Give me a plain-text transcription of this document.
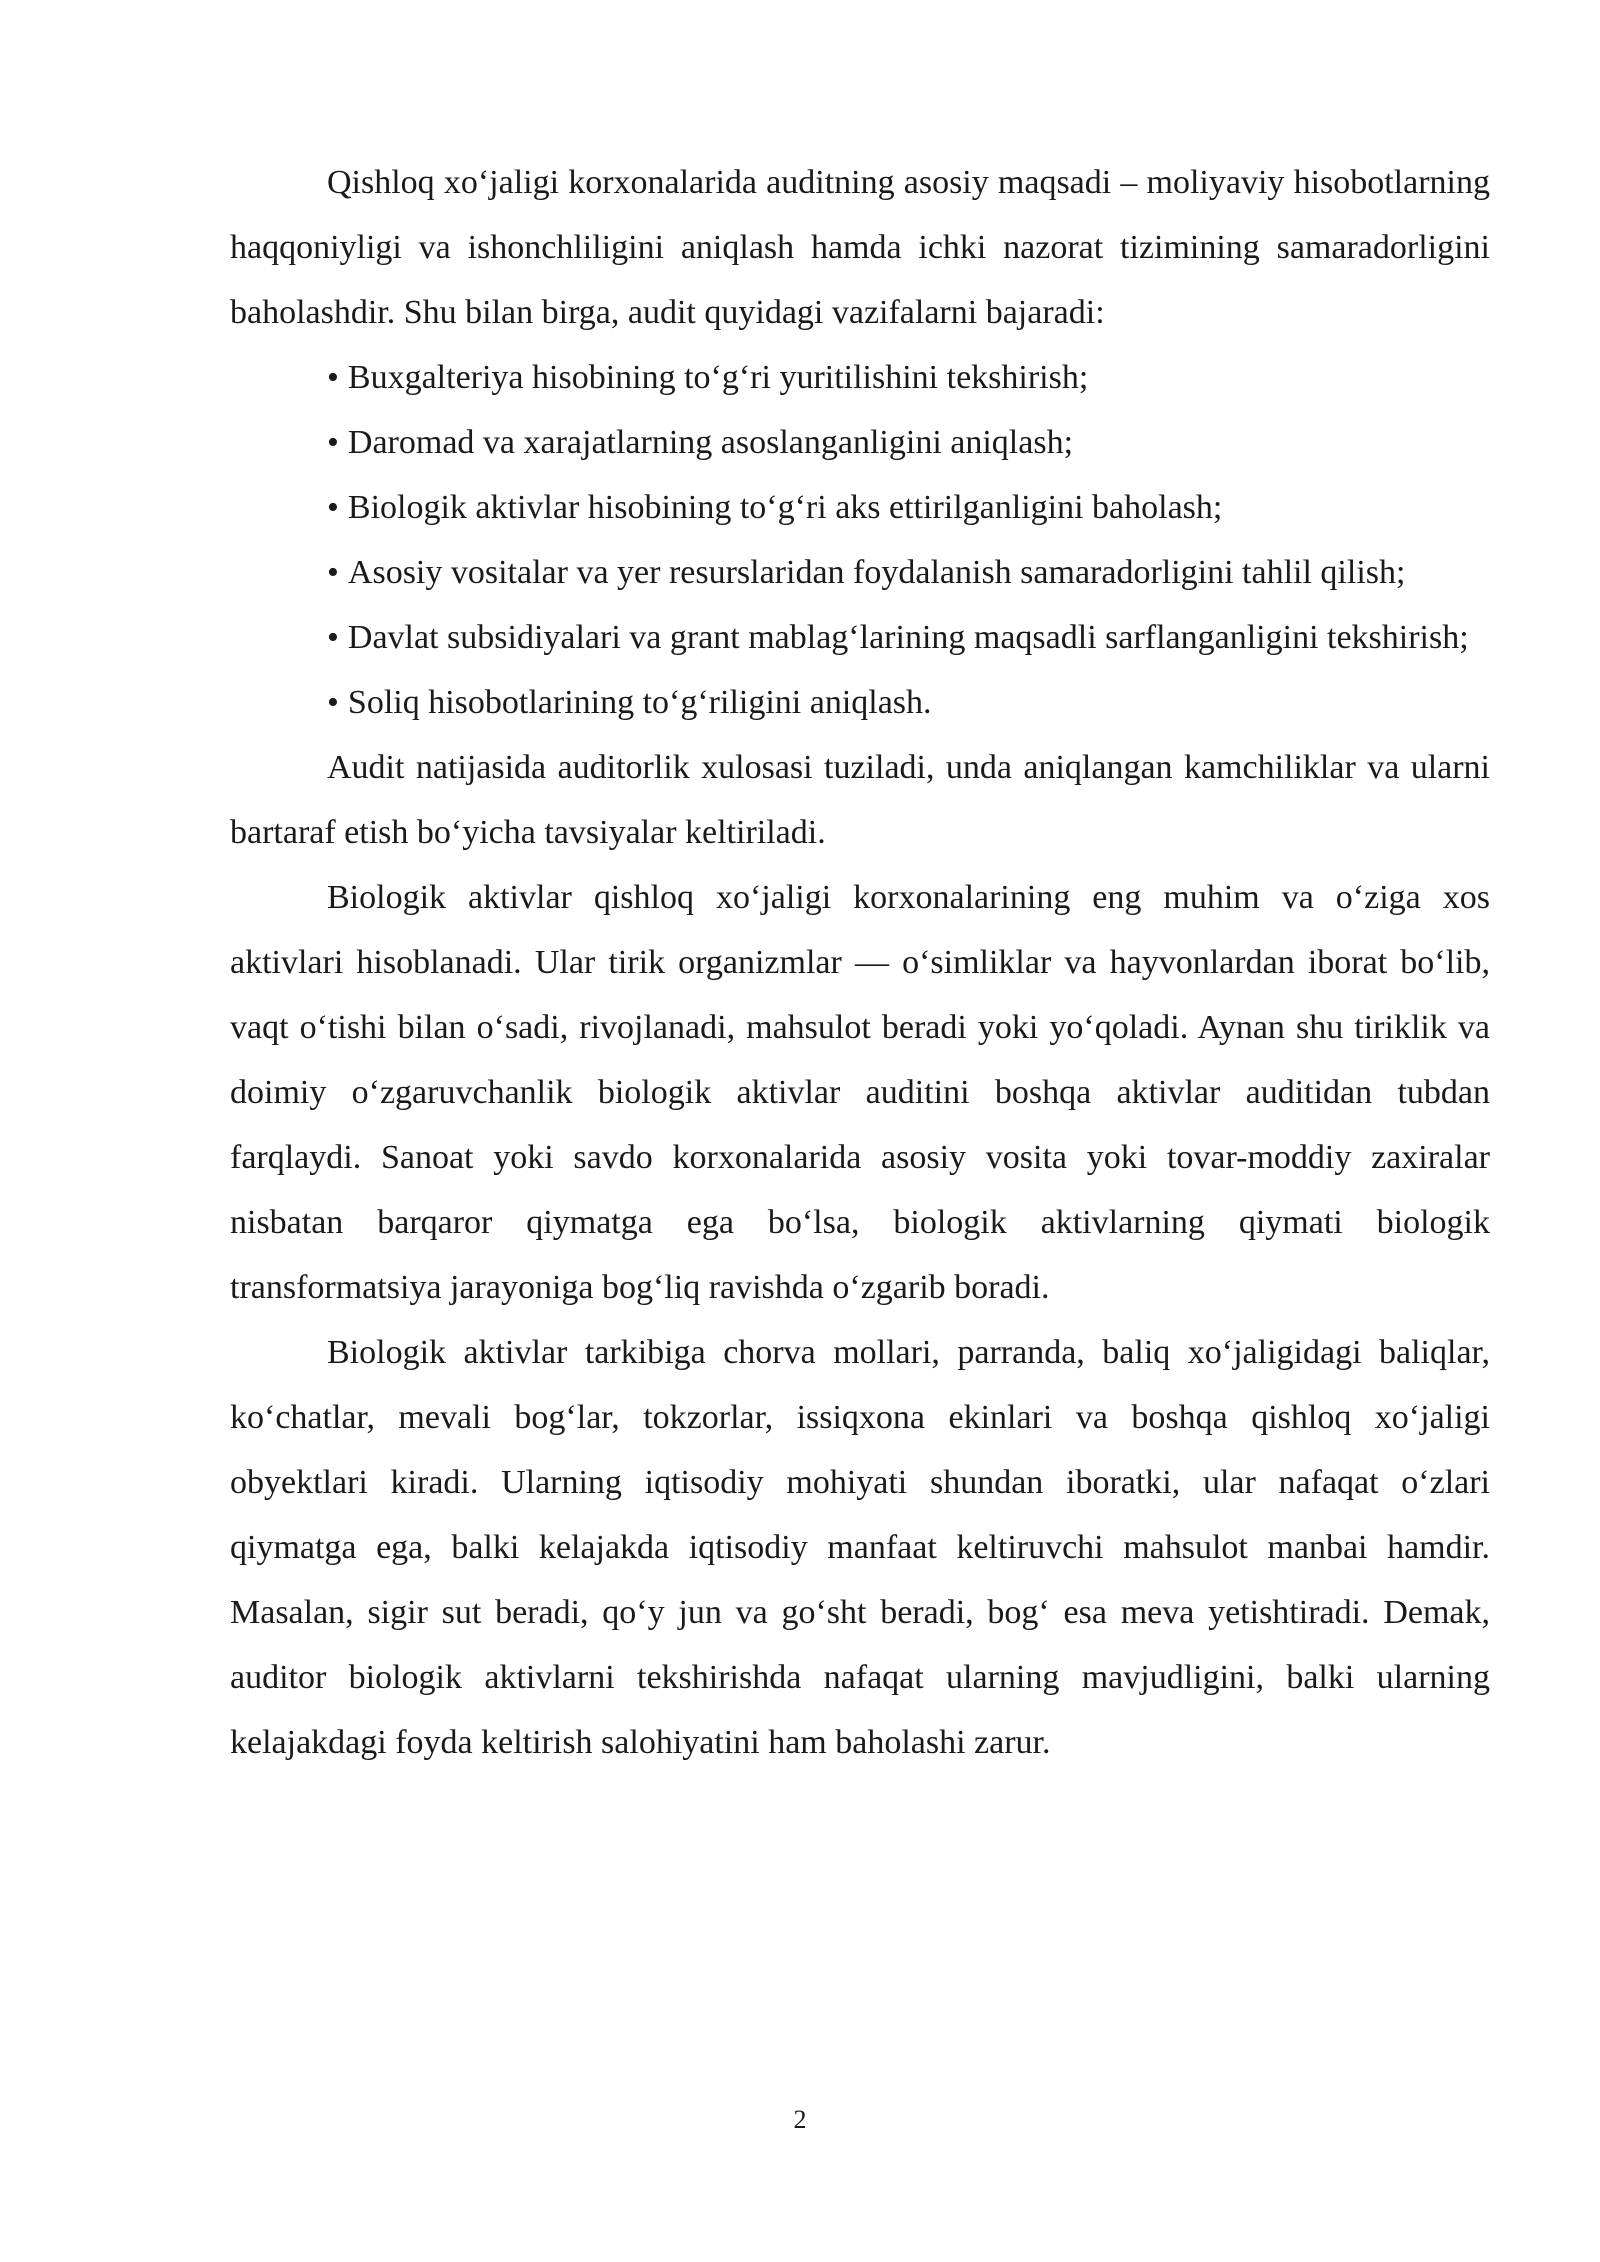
Qishloq xo‘jaligi korxonalarida auditning asosiy maqsadi – moliyaviy hisobotlarning haqqoniyligi va ishonchliligini aniqlash hamda ichki nazorat tizimining samaradorligini baholashdir. Shu bilan birga, audit quyidagi vazifalarni bajaradi:

• Buxgalteriya hisobining to‘g‘ri yuritilishini tekshirish;
• Daromad va xarajatlarning asoslanganligini aniqlash;
• Biologik aktivlar hisobining to‘g‘ri aks ettirilganligini baholash;
• Asosiy vositalar va yer resurslaridan foydalanish samaradorligini tahlil qilish;
• Davlat subsidiyalari va grant mablag‘larining maqsadli sarflanganligini tekshirish;
• Soliq hisobotlarining to‘g‘riligini aniqlash.

Audit natijasida auditorlik xulosasi tuziladi, unda aniqlangan kamchiliklar va ularni bartaraf etish bo‘yicha tavsiyalar keltiriladi.

Biologik aktivlar qishloq xo‘jaligi korxonalarining eng muhim va o‘ziga xos aktivlari hisoblanadi. Ular tirik organizmlar — o‘simliklar va hayvonlardan iborat bo‘lib, vaqt o‘tishi bilan o‘sadi, rivojlanadi, mahsulot beradi yoki yo‘qoladi. Aynan shu tiriklik va doimiy o‘zgaruvchanlik biologik aktivlar auditini boshqa aktivlar auditidan tubdan farqlaydi. Sanoat yoki savdo korxonalarida asosiy vosita yoki tovar-moddiy zaxiralar nisbatan barqaror qiymatga ega bo‘lsa, biologik aktivlarning qiymati biologik transformatsiya jarayoniga bog‘liq ravishda o‘zgarib boradi.

Biologik aktivlar tarkibiga chorva mollari, parranda, baliq xo‘jaligidagi baliqlar, ko‘chatlar, mevali bog‘lar, tokzorlar, issiqxona ekinlari va boshqa qishloq xo‘jaligi obyektlari kiradi. Ularning iqtisodiy mohiyati shundan iboratki, ular nafaqat o‘zlari qiymatga ega, balki kelajakda iqtisodiy manfaat keltiruvchi mahsulot manbai hamdir. Masalan, sigir sut beradi, qo‘y jun va go‘sht beradi, bog‘ esa meva yetishtiradi. Demak, auditor biologik aktivlarni tekshirishda nafaqat ularning mavjudligini, balki ularning kelajakdagi foyda keltirish salohiyatini ham baholashi zarur.

2
